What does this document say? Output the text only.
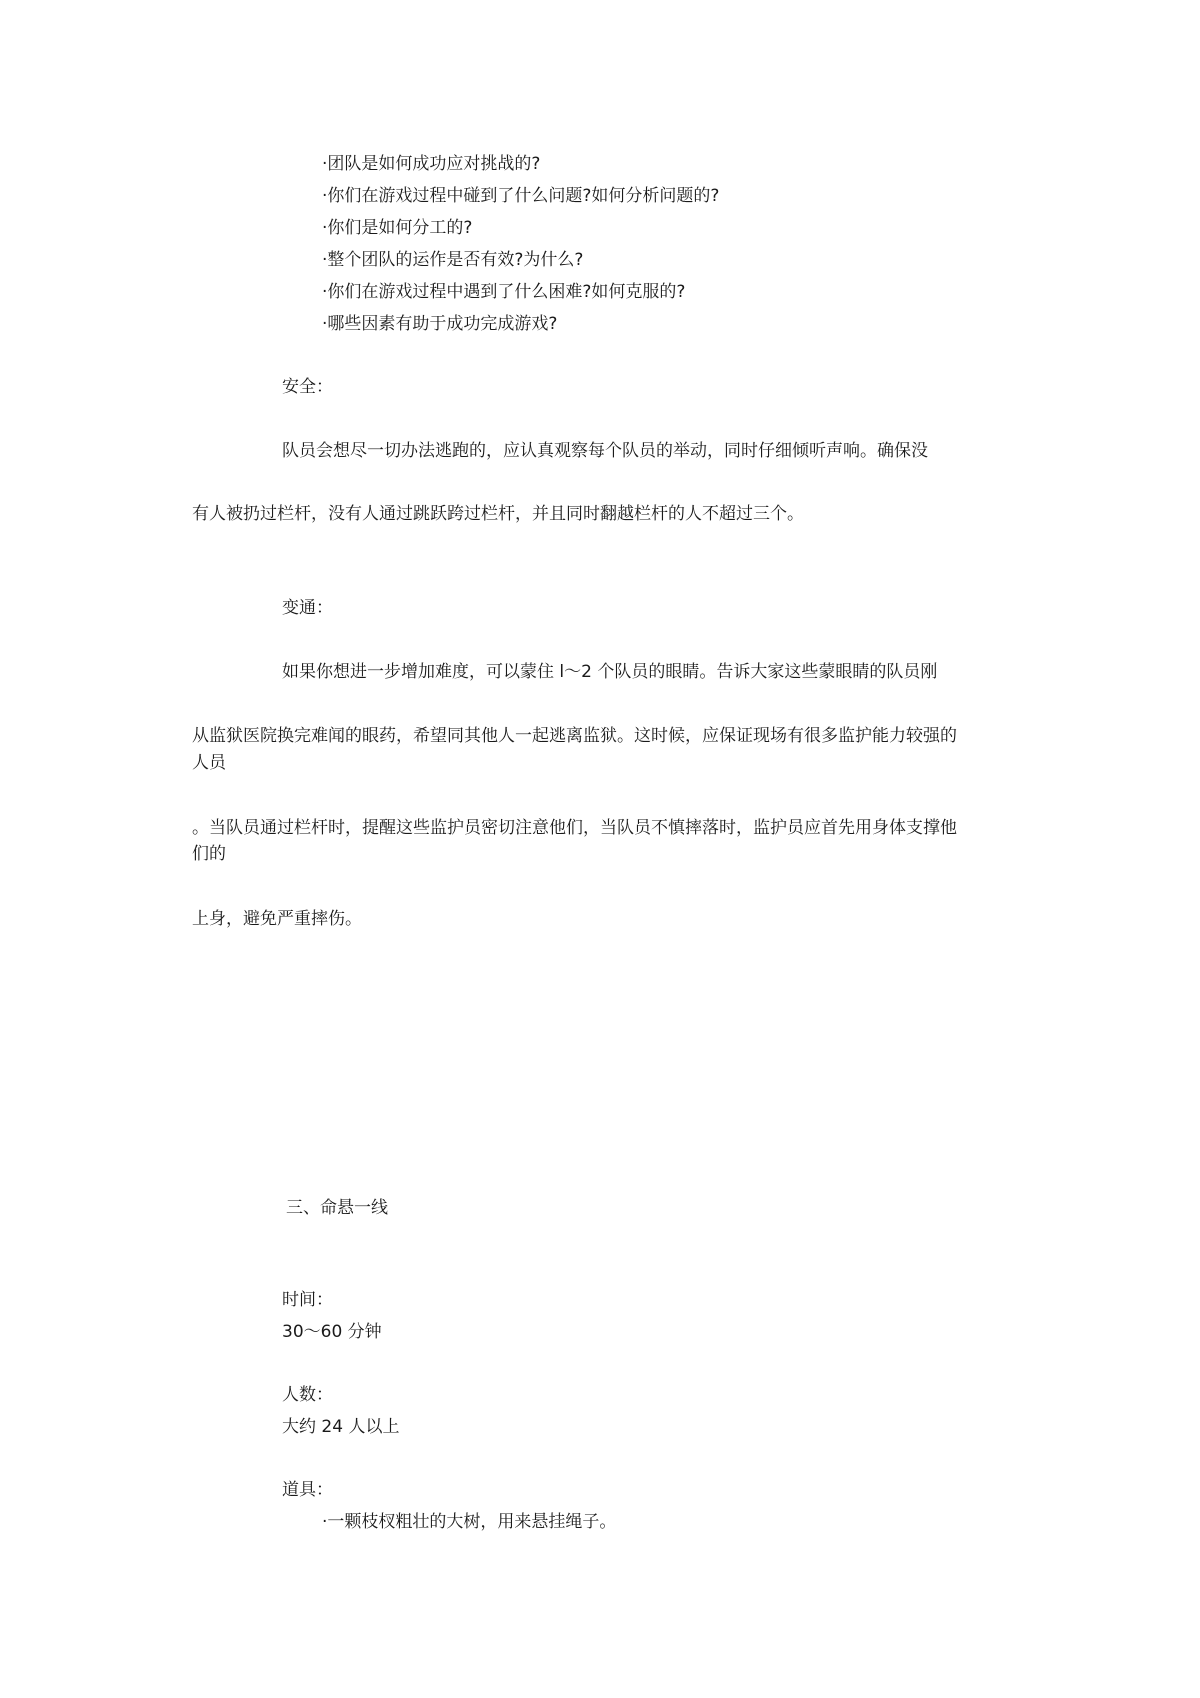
·团队是如何成功应对挑战的?
·你们在游戏过程中碰到了什么问题?如何分析问题的?
·你们是如何分工的?
·整个团队的运作是否有效?为什么?
·你们在游戏过程中遇到了什么困难?如何克服的?
·哪些因素有助于成功完成游戏?
安全：
队员会想尽一切办法逃跑的，应认真观察每个队员的举动，同时仔细倾听声响。确保没
有人被扔过栏杆，没有人通过跳跃跨过栏杆，并且同时翻越栏杆的人不超过三个。
变通：
如果你想进一步增加难度，可以蒙住 l～2 个队员的眼睛。告诉大家这些蒙眼睛的队员刚
从监狱医院换完难闻的眼药，希望同其他人一起逃离监狱。这时候，应保证现场有很多监护能力较强的
人员
。当队员通过栏杆时，提醒这些监护员密切注意他们，当队员不慎摔落时，监护员应首先用身体支撑他
们的
上身，避免严重摔伤。
三、命悬一线
时间：
30～60 分钟
人数：
大约 24 人以上
道具：
·一颗枝杈粗壮的大树，用来悬挂绳子。
